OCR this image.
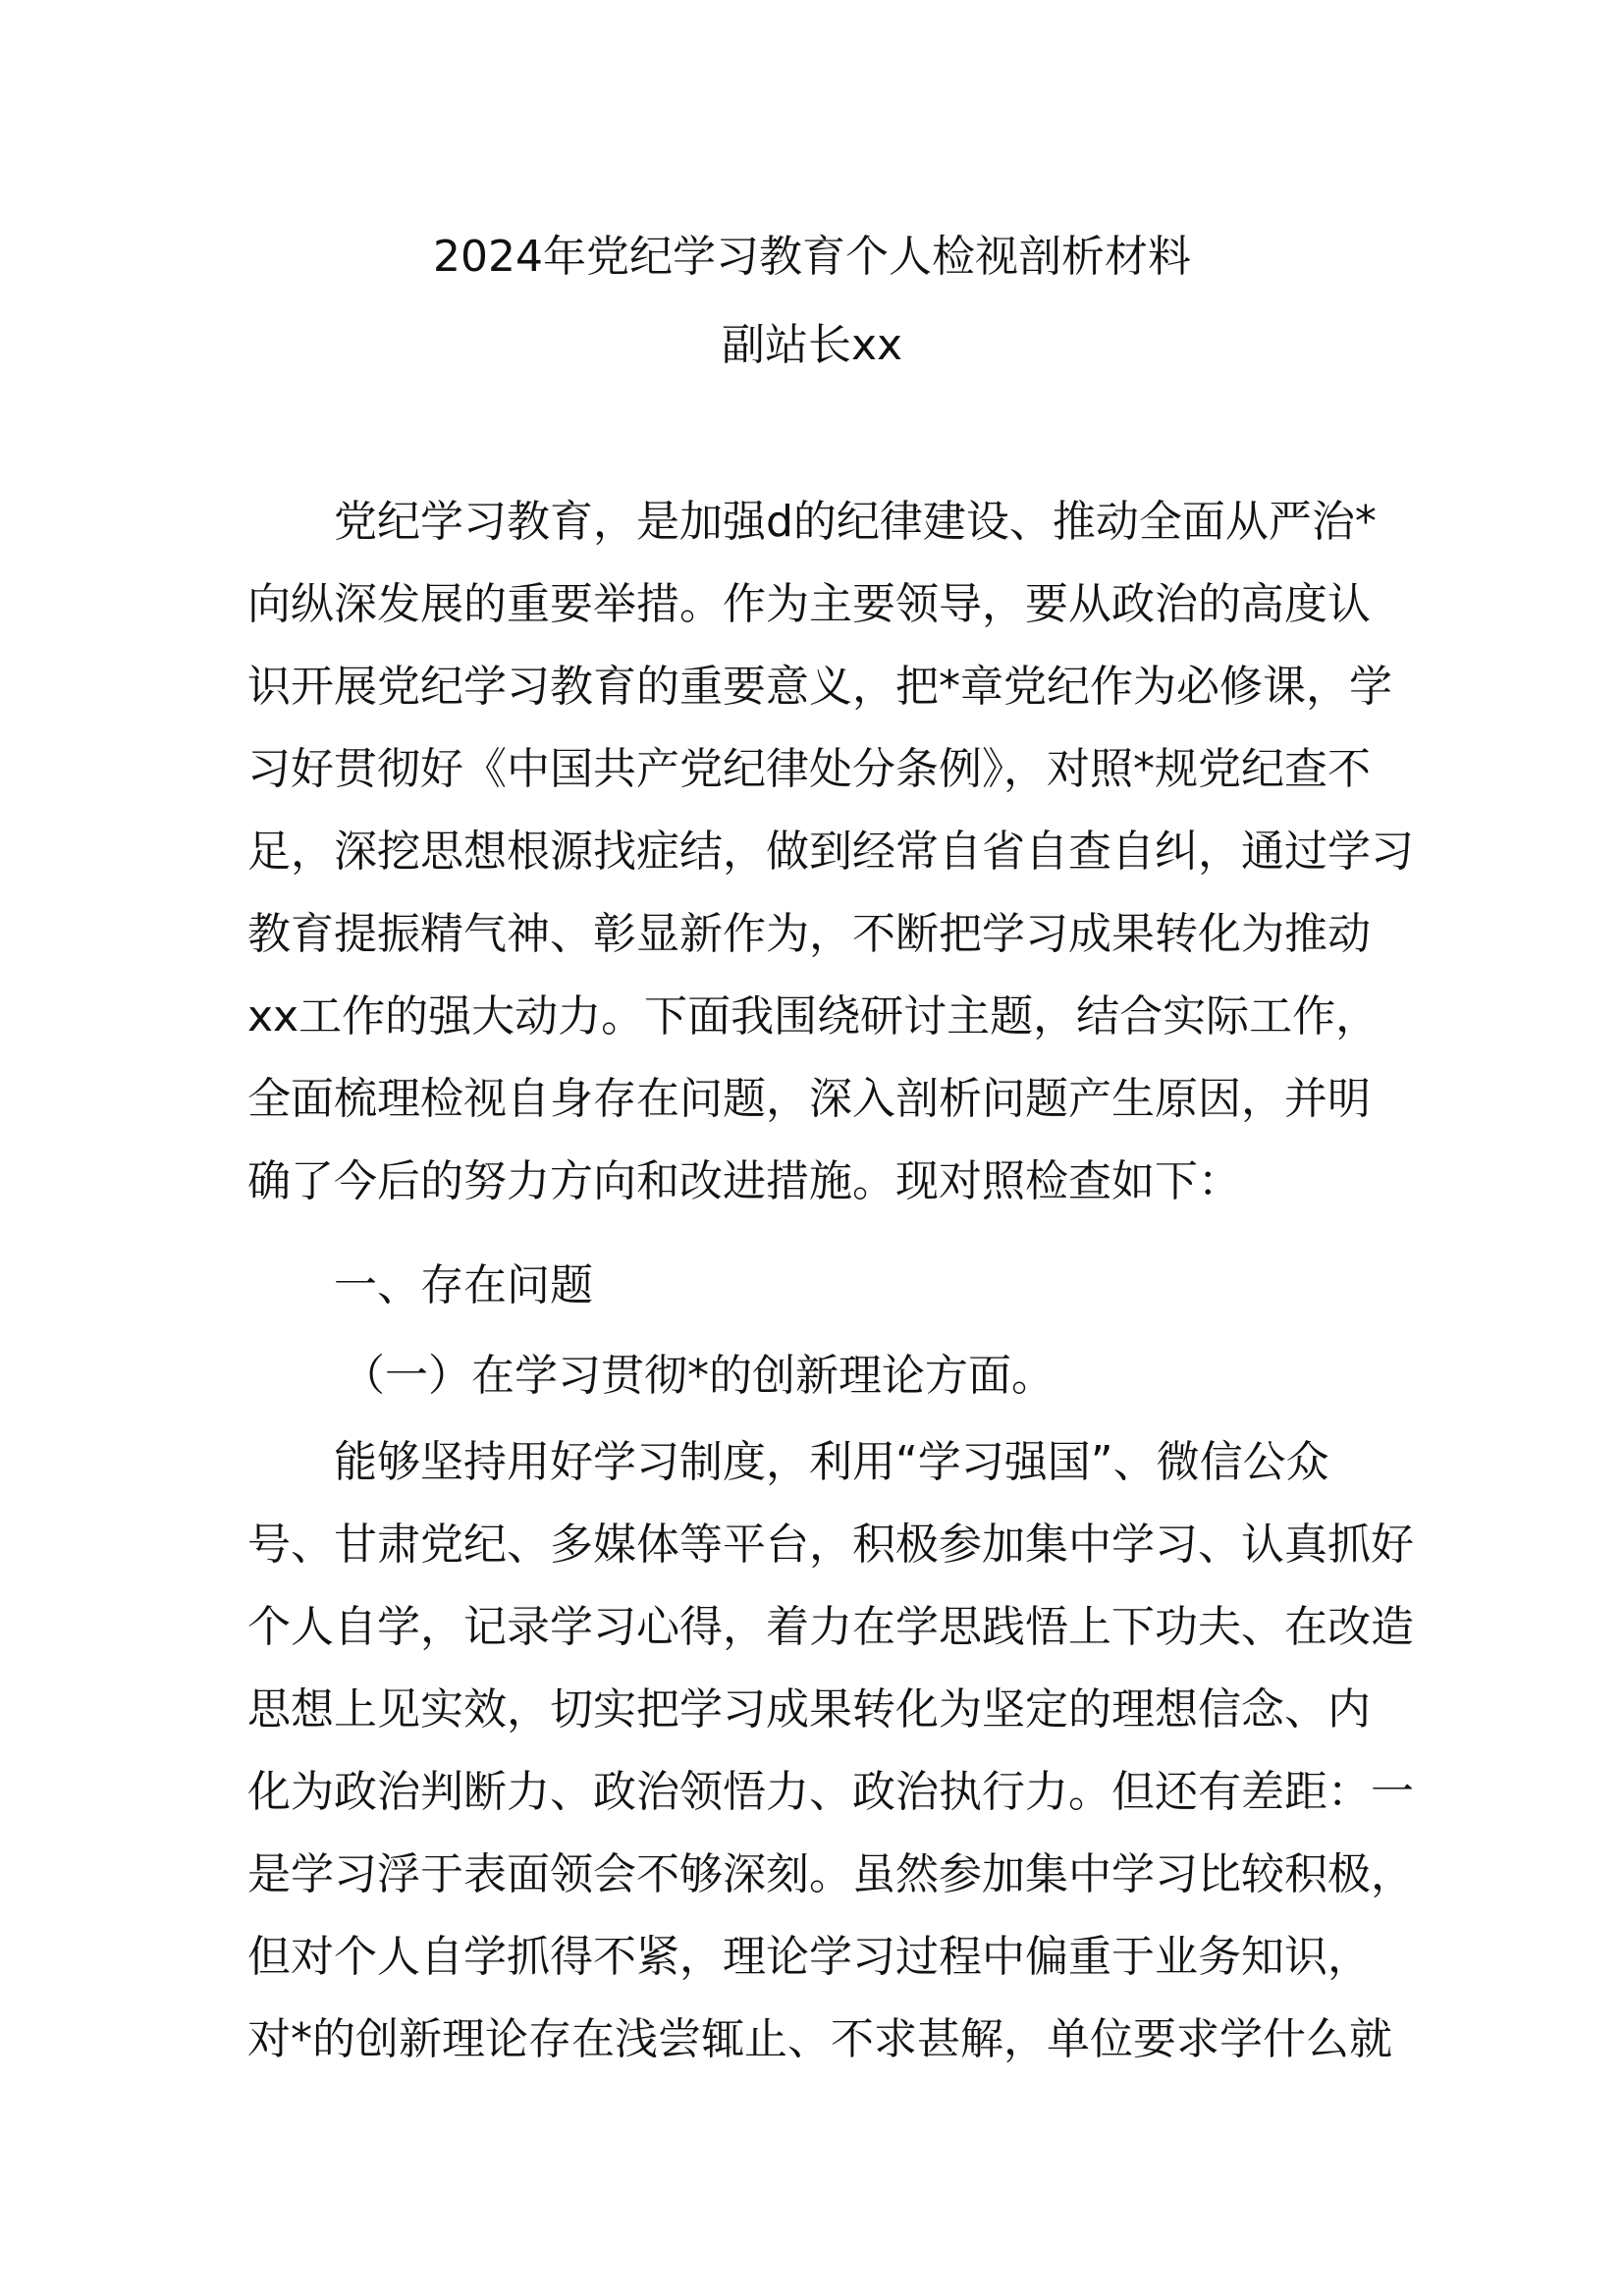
2024年党纪学习教育个人检视剖析材料
副站长xx
党纪学习教育，是加强d的纪律建设、推动全面从严治*
向纵深发展的重要举措。作为主要领导，要从政治的高度认
识开展党纪学习教育的重要意义，把*章党纪作为必修课，学
习好贯彻好《中国共产党纪律处分条例》，对照*规党纪查不
足，深挖思想根源找症结，做到经常自省自查自纠，通过学习
教育提振精气神、彰显新作为，不断把学习成果转化为推动
xx工作的强大动力。下面我围绕研讨主题，结合实际工作，
全面梳理检视自身存在问题，深入剖析问题产生原因，并明
确了今后的努力方向和改进措施。现对照检查如下：
一、存在问题
（一）在学习贯彻*的创新理论方面。
能够坚持用好学习制度，利用“学习强国”、微信公众
号、甘肃党纪、多媒体等平台，积极参加集中学习、认真抓好
个人自学，记录学习心得，着力在学思践悟上下功夫、在改造
思想上见实效，切实把学习成果转化为坚定的理想信念、内
化为政治判断力、政治领悟力、政治执行力。但还有差距：一
是学习浮于表面领会不够深刻。虽然参加集中学习比较积极，
但对个人自学抓得不紧，理论学习过程中偏重于业务知识，
对*的创新理论存在浅尝辄止、不求甚解，单位要求学什么就
